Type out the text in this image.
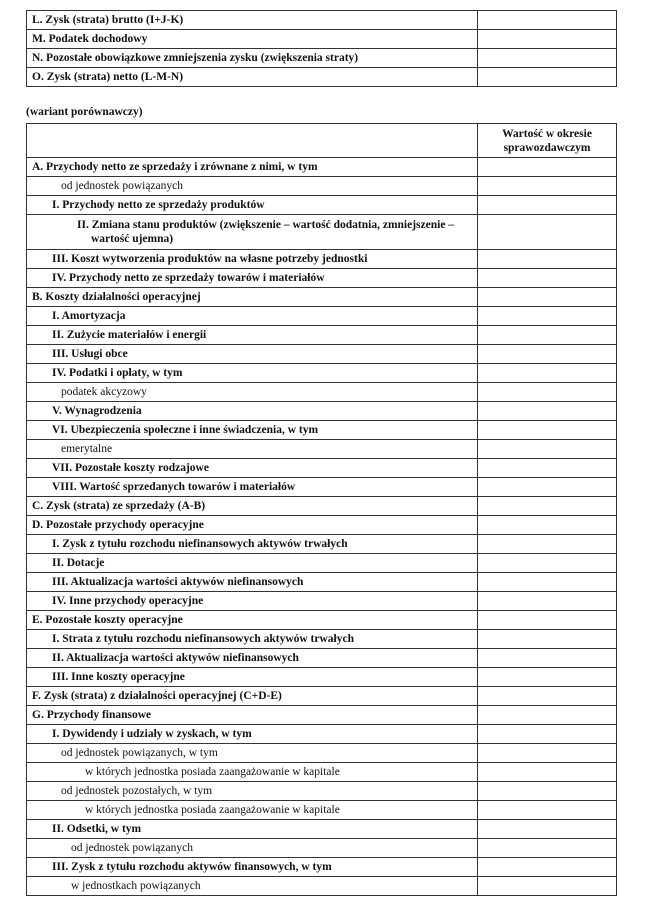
L. Zysk (strata) brutto (I+J-K)	
M. Podatek dochodowy	
N. Pozostałe obowiązkowe zmniejszenia zysku (zwiększenia straty)	
O. Zysk (strata) netto (L-M-N)	
(wariant porównawczy)
	Wartość w okresie sprawozdawczym
A. Przychody netto ze sprzedaży i zrównane z nimi, w tym	
od jednostek powiązanych	
I. Przychody netto ze sprzedaży produktów	
II. Zmiana stanu produktów (zwiększenie – wartość dodatnia, zmniejszenie – wartość ujemna)	
III. Koszt wytworzenia produktów na własne potrzeby jednostki	
IV. Przychody netto ze sprzedaży towarów i materiałów	
B. Koszty działalności operacyjnej	
I. Amortyzacja	
II. Zużycie materiałów i energii	
III. Usługi obce	
IV. Podatki i opłaty, w tym	
podatek akcyzowy	
V. Wynagrodzenia	
VI. Ubezpieczenia społeczne i inne świadczenia, w tym	
emerytalne	
VII. Pozostałe koszty rodzajowe	
VIII. Wartość sprzedanych towarów i materiałów	
C. Zysk (strata) ze sprzedaży (A-B)	
D. Pozostałe przychody operacyjne	
I. Zysk z tytułu rozchodu niefinansowych aktywów trwałych	
II. Dotacje	
III. Aktualizacja wartości aktywów niefinansowych	
IV. Inne przychody operacyjne	
E. Pozostałe koszty operacyjne	
I. Strata z tytułu rozchodu niefinansowych aktywów trwałych	
II. Aktualizacja wartości aktywów niefinansowych	
III. Inne koszty operacyjne	
F. Zysk (strata) z działalności operacyjnej (C+D-E)	
G. Przychody finansowe	
I. Dywidendy i udziały w zyskach, w tym	
od jednostek powiązanych, w tym	
w których jednostka posiada zaangażowanie w kapitale	
od jednostek pozostałych, w tym	
w których jednostka posiada zaangażowanie w kapitale	
II. Odsetki, w tym	
od jednostek powiązanych	
III. Zysk z tytułu rozchodu aktywów finansowych, w tym	
w jednostkach powiązanych	
